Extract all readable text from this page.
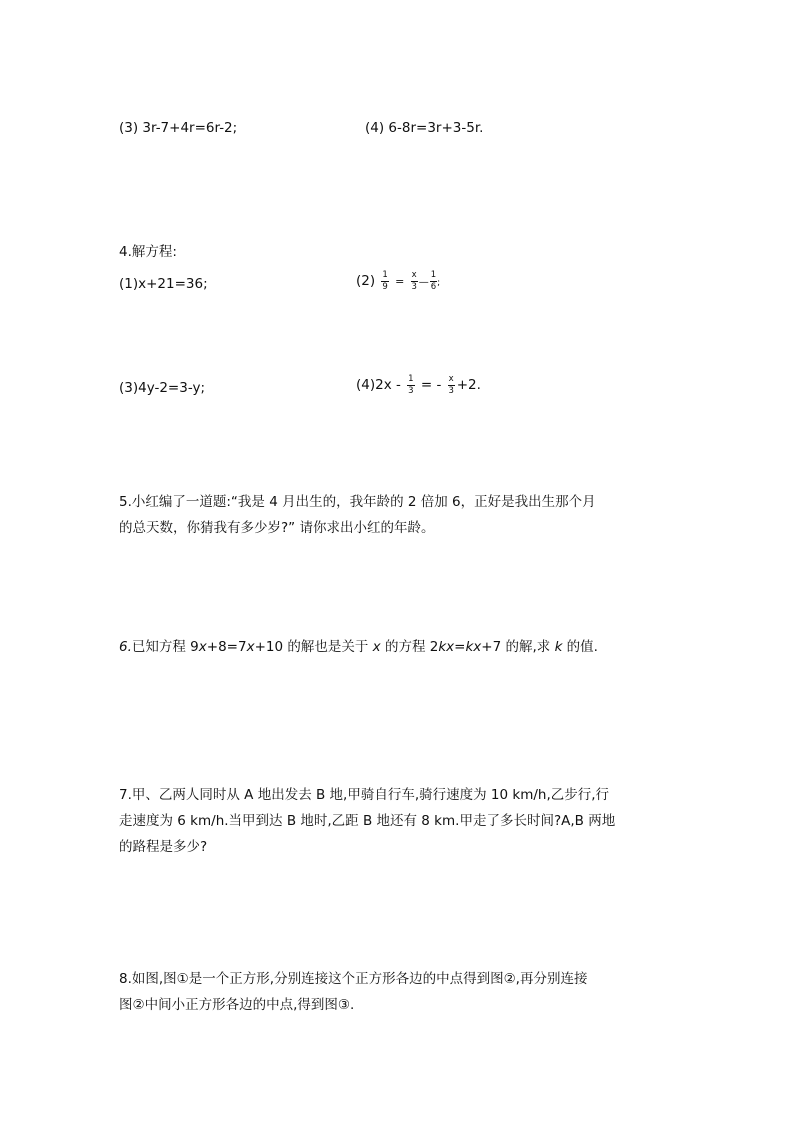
(3) 3r-7+4r=6r-2;	(4) 6-8r=3r+3-5r.
4.解方程:
(1)x+21=36;	$(2) \frac{1}{9} = \frac{x}{3}$ — $\frac{1}{6}$ ;
(3)4y-2=3-y;	$(4)2x - \frac{1}{3}$ = - $\frac{x}{3} +2$.
5.小红编了一道题:“我是 4 月出生的，我年龄的 2 倍加 6，正好是我出生那个月
的总天数，你猜我有多少岁?” 请你求出小红的年龄。
6.已知方程 9x+8=7x+10 的解也是关于 x 的方程 2kx=kx+7 的解,求 k 的值.
7.甲、乙两人同时从 A 地出发去 B 地,甲骑自行车,骑行速度为 10 km/h,乙步行,行
走速度为 6 km/h.当甲到达 B 地时,乙距 B 地还有 8 km.甲走了多长时间?A,B 两地
的路程是多少?
8.如图,图①是一个正方形,分别连接这个正方形各边的中点得到图②,再分别连接
图②中间小正方形各边的中点,得到图③.
